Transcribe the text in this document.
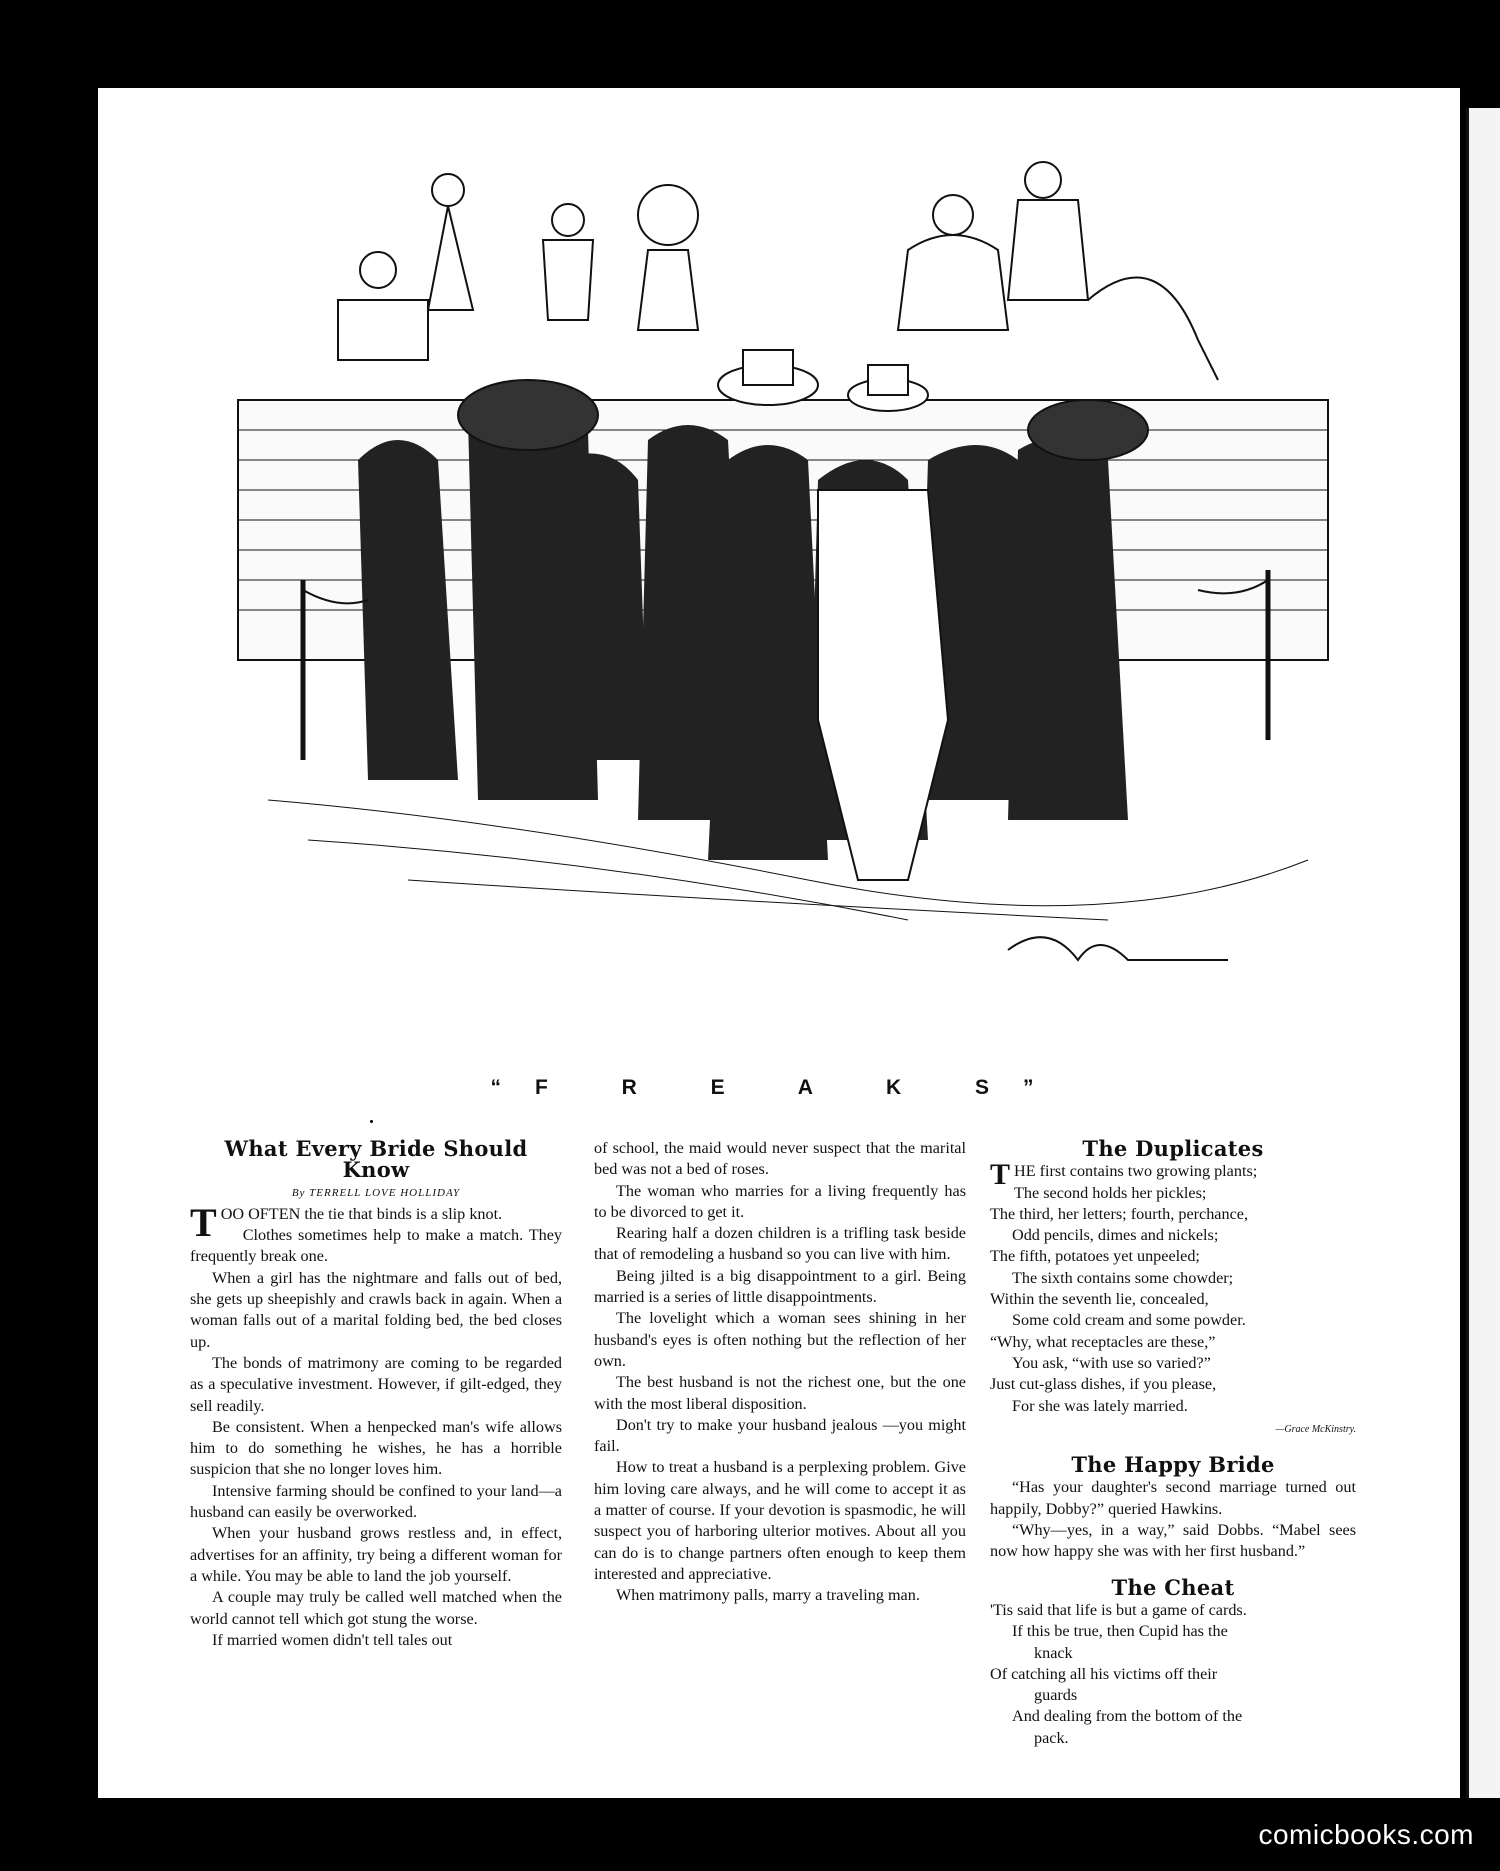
“F R E A K S”
What Every Bride Should Know
By TERRELL LOVE HOLLIDAY

TOO OFTEN the tie that binds is a slip knot.

Clothes sometimes help to make a match. They frequently break one.

When a girl has the nightmare and falls out of bed, she gets up sheepishly and crawls back in again. When a woman falls out of a marital folding bed, the bed closes up.

The bonds of matrimony are coming to be regarded as a speculative investment. However, if gilt-edged, they sell readily.

Be consistent. When a henpecked man's wife allows him to do something he wishes, he has a horrible suspicion that she no longer loves him.

Intensive farming should be confined to your land—a husband can easily be overworked.

When your husband grows restless and, in effect, advertises for an affinity, try being a different woman for a while. You may be able to land the job yourself.

A couple may truly be called well matched when the world cannot tell which got stung the worse.

If married women didn't tell tales out

of school, the maid would never suspect that the marital bed was not a bed of roses.

The woman who marries for a living frequently has to be divorced to get it.

Rearing half a dozen children is a trifling task beside that of remodeling a husband so you can live with him.

Being jilted is a big disappointment to a girl. Being married is a series of little disappointments.

The lovelight which a woman sees shining in her husband's eyes is often nothing but the reflection of her own.

The best husband is not the richest one, but the one with the most liberal disposition.

Don't try to make your husband jealous —you might fail.

How to treat a husband is a perplexing problem. Give him loving care always, and he will come to accept it as a matter of course. If your devotion is spasmodic, he will suspect you of harboring ulterior motives. About all you can do is to change partners often enough to keep them interested and appreciative.

When matrimony palls, marry a traveling man.

The Duplicates
THE first contains two growing plants;
The second holds her pickles;
The third, her letters; fourth, perchance,
Odd pencils, dimes and nickels;
The fifth, potatoes yet unpeeled;
The sixth contains some chowder;
Within the seventh lie, concealed,
Some cold cream and some powder.
“Why, what receptacles are these,”
You ask, “with use so varied?”
Just cut-glass dishes, if you please,
For she was lately married.
—Grace McKinstry.
The Happy Bride

“Has your daughter's second marriage turned out happily, Dobby?” queried Hawkins.

“Why—yes, in a way,” said Dobbs. “Mabel sees now how happy she was with her first husband.”

The Cheat
'Tis said that life is but a game of cards.
If this be true, then Cupid has the
knack
Of catching all his victims off their
guards
And dealing from the bottom of the
pack.
comicbooks.com
